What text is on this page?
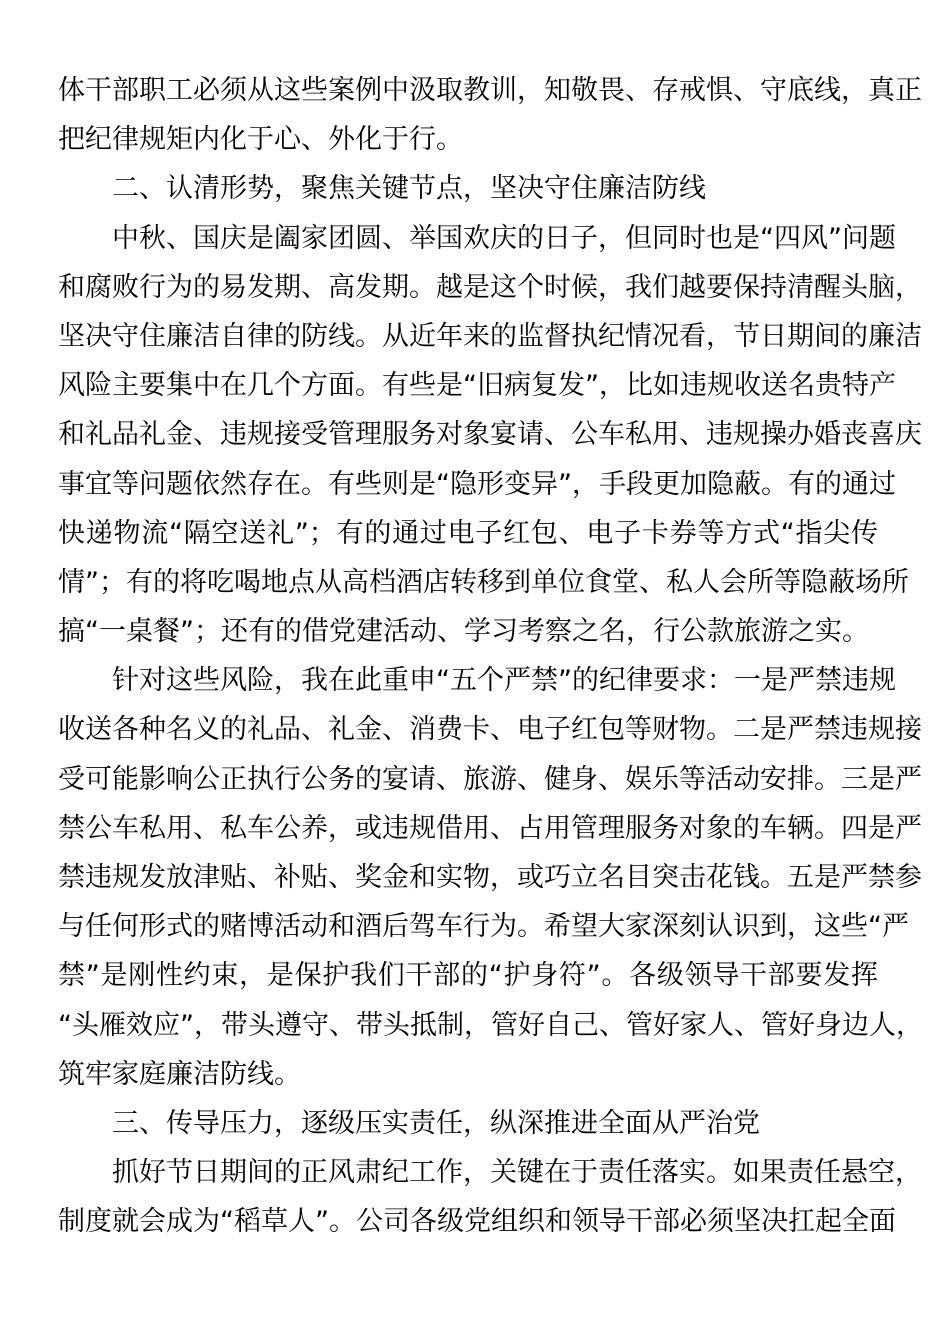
体干部职工必须从这些案例中汲取教训，知敬畏、存戒惧、守底线，真正
把纪律规矩内化于心、外化于行。
二、认清形势，聚焦关键节点，坚决守住廉洁防线
中秋、国庆是阖家团圆、举国欢庆的日子，但同时也是“四风”问题
和腐败行为的易发期、高发期。越是这个时候，我们越要保持清醒头脑，
坚决守住廉洁自律的防线。从近年来的监督执纪情况看，节日期间的廉洁
风险主要集中在几个方面。有些是“旧病复发”，比如违规收送名贵特产
和礼品礼金、违规接受管理服务对象宴请、公车私用、违规操办婚丧喜庆
事宜等问题依然存在。有些则是“隐形变异”，手段更加隐蔽。有的通过
快递物流“隔空送礼”；有的通过电子红包、电子卡券等方式“指尖传
情”；有的将吃喝地点从高档酒店转移到单位食堂、私人会所等隐蔽场所
搞“一桌餐”；还有的借党建活动、学习考察之名，行公款旅游之实。
针对这些风险，我在此重申“五个严禁”的纪律要求：一是严禁违规
收送各种名义的礼品、礼金、消费卡、电子红包等财物。二是严禁违规接
受可能影响公正执行公务的宴请、旅游、健身、娱乐等活动安排。三是严
禁公车私用、私车公养，或违规借用、占用管理服务对象的车辆。四是严
禁违规发放津贴、补贴、奖金和实物，或巧立名目突击花钱。五是严禁参
与任何形式的赌博活动和酒后驾车行为。希望大家深刻认识到，这些“严
禁”是刚性约束，是保护我们干部的“护身符”。各级领导干部要发挥
“头雁效应”，带头遵守、带头抵制，管好自己、管好家人、管好身边人，
筑牢家庭廉洁防线。
三、传导压力，逐级压实责任，纵深推进全面从严治党
抓好节日期间的正风肃纪工作，关键在于责任落实。如果责任悬空，
制度就会成为“稻草人”。公司各级党组织和领导干部必须坚决扛起全面
